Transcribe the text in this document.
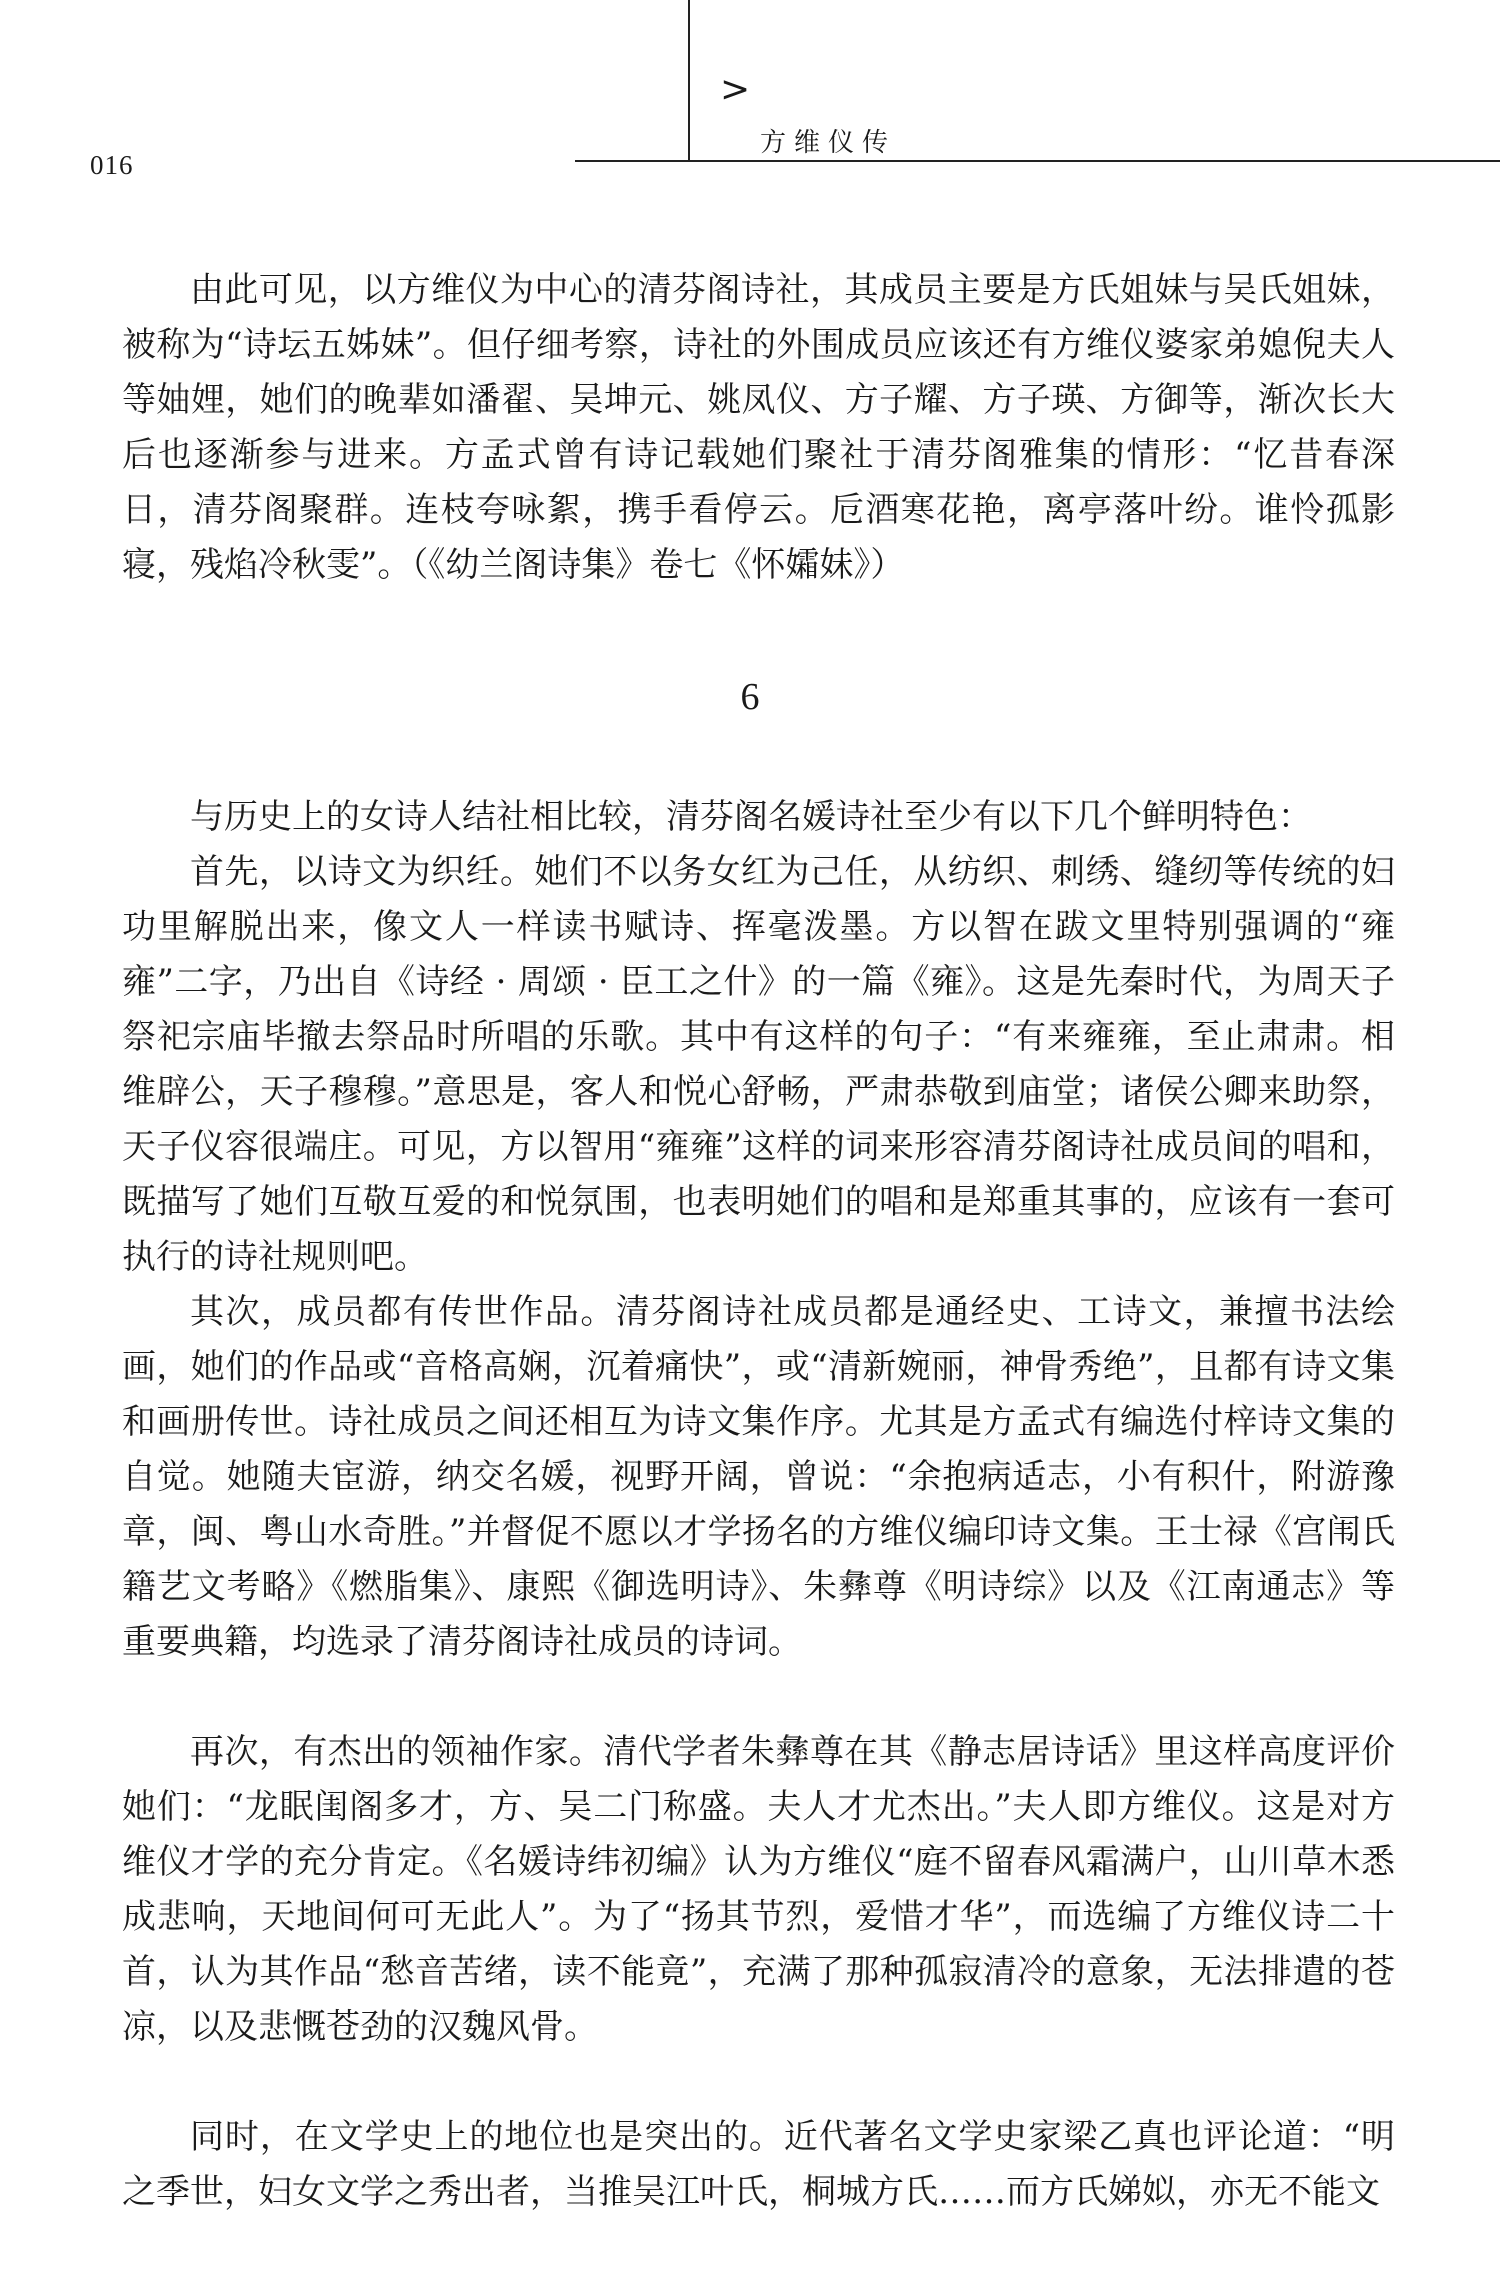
>
方维仪传
016

由此可见，以方维仪为中心的清芬阁诗社，其成员主要是方氏姐妹与吴氏姐妹，被称为“诗坛五姊妹”。但仔细考察，诗社的外围成员应该还有方维仪婆家弟媳倪夫人等妯娌，她们的晚辈如潘翟、吴坤元、姚凤仪、方子耀、方子瑛、方御等，渐次长大后也逐渐参与进来。方孟式曾有诗记载她们聚社于清芬阁雅集的情形：“忆昔春深日，清芬阁聚群。连枝夸咏絮，携手看停云。卮酒寒花艳，离亭落叶纷。谁怜孤影寝，残焰冷秋雯”。（《幼兰阁诗集》卷七《怀孀妹》）

6

与历史上的女诗人结社相比较，清芬阁名媛诗社至少有以下几个鲜明特色：

首先，以诗文为织纴。她们不以务女红为己任，从纺织、刺绣、缝纫等传统的妇功里解脱出来，像文人一样读书赋诗、挥毫泼墨。方以智在跋文里特别强调的“雍雍”二字，乃出自《诗经 · 周颂 · 臣工之什》的一篇《雍》。这是先秦时代，为周天子祭祀宗庙毕撤去祭品时所唱的乐歌。其中有这样的句子：“有来雍雍，至止肃肃。相维辟公，天子穆穆。”意思是，客人和悦心舒畅，严肃恭敬到庙堂；诸侯公卿来助祭，天子仪容很端庄。可见，方以智用“雍雍”这样的词来形容清芬阁诗社成员间的唱和，既描写了她们互敬互爱的和悦氛围，也表明她们的唱和是郑重其事的，应该有一套可执行的诗社规则吧。

其次，成员都有传世作品。清芬阁诗社成员都是通经史、工诗文，兼擅书法绘画，她们的作品或“音格高娴，沉着痛快”，或“清新婉丽，神骨秀绝”，且都有诗文集和画册传世。诗社成员之间还相互为诗文集作序。尤其是方孟式有编选付梓诗文集的自觉。她随夫宦游，纳交名媛，视野开阔，曾说：“余抱病适志，小有积什，附游豫章，闽、粤山水奇胜。”并督促不愿以才学扬名的方维仪编印诗文集。王士禄《宫闱氏籍艺文考略》《燃脂集》、康熙《御选明诗》、朱彝尊《明诗综》以及《江南通志》等重要典籍，均选录了清芬阁诗社成员的诗词。

再次，有杰出的领袖作家。清代学者朱彝尊在其《静志居诗话》里这样高度评价她们：“龙眠闺阁多才，方、吴二门称盛。夫人才尤杰出。”夫人即方维仪。这是对方维仪才学的充分肯定。《名媛诗纬初编》认为方维仪“庭不留春风霜满户，山川草木悉成悲响，天地间何可无此人”。为了“扬其节烈，爱惜才华”，而选编了方维仪诗二十首，认为其作品“愁音苦绪，读不能竟”，充满了那种孤寂清冷的意象，无法排遣的苍凉，以及悲慨苍劲的汉魏风骨。

同时，在文学史上的地位也是突出的。近代著名文学史家梁乙真也评论道：“明之季世，妇女文学之秀出者，当推吴江叶氏，桐城方氏……而方氏娣姒，亦无不能文
